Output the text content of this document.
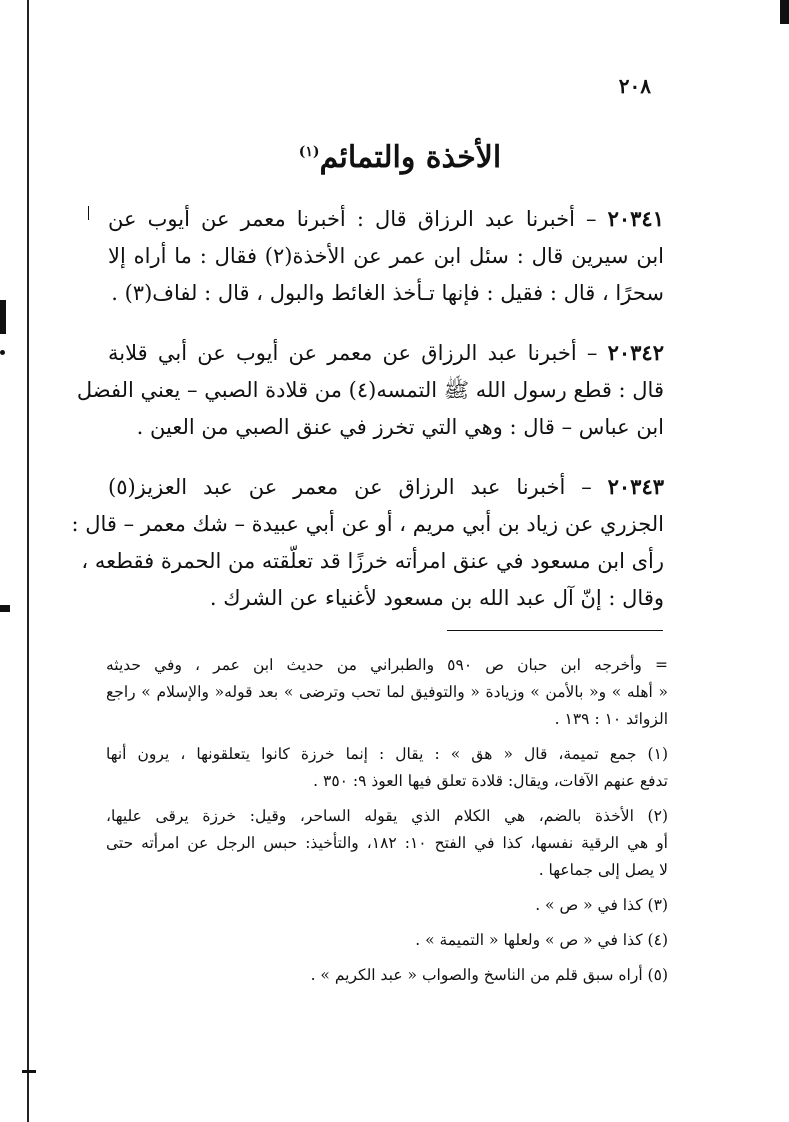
٢٠٨
الأخذة والتمائم$^{(١)}$
٢٠٣٤١ – أخبرنا عبد الرزاق قال : أخبرنا معمر عن أيوب عن
ابن سيرين قال : سئل ابن عمر عن الأخذة(٢) فقال : ما أراه إلا
سحرًا ، قال : فقيل : فإنها تـأخذ الغائط والبول ، قال : لفاف(٣) .
٢٠٣٤٢ – أخبرنا عبد الرزاق عن معمر عن أيوب عن أبي قلابة
قال : قطع رسول الله ﷺ التمسه(٤) من قلادة الصبي – يعني الفضل
ابن عباس – قال : وهي التي تخرز في عنق الصبي من العين .
٢٠٣٤٣ – أخبرنا عبد الرزاق عن معمر عن عبد العزيز(٥)
الجزري عن زياد بن أبي مريم ، أو عن أبي عبيدة – شك معمر – قال :
رأى ابن مسعود في عنق امرأته خرزًا قد تعلّقته من الحمرة فقطعه ،
وقال : إنّ آل عبد الله بن مسعود لأغنياء عن الشرك .
= وأخرجه ابن حبان ص ٥٩٠ والطبراني من حديث ابن عمر ، وفي حديثه
« أهله » و« بالأمن » وزيادة « والتوفيق لما تحب وترضى » بعد قوله« والإسلام » راجع
الزوائد ١٠ : ١٣٩ .
(١) جمع تميمة، قال « هق » : يقال : إنما خرزة كانوا يتعلقونها ، يرون أنها
تدفع عنهم الآفات، ويقال: قلادة تعلق فيها العوذ ٩: ٣٥٠ .
(٢) الأخذة بالضم، هي الكلام الذي يقوله الساحر، وقيل: خرزة يرقى عليها،
أو هي الرقية نفسها، كذا في الفتح ١٠: ١٨٢، والتأخيذ: حبس الرجل عن امرأته حتى
لا يصل إلى جماعها .
(٣) كذا في « ص » .
(٤) كذا في « ص » ولعلها « التميمة » .
(٥) أراه سبق قلم من الناسخ والصواب « عبد الكريم » .
